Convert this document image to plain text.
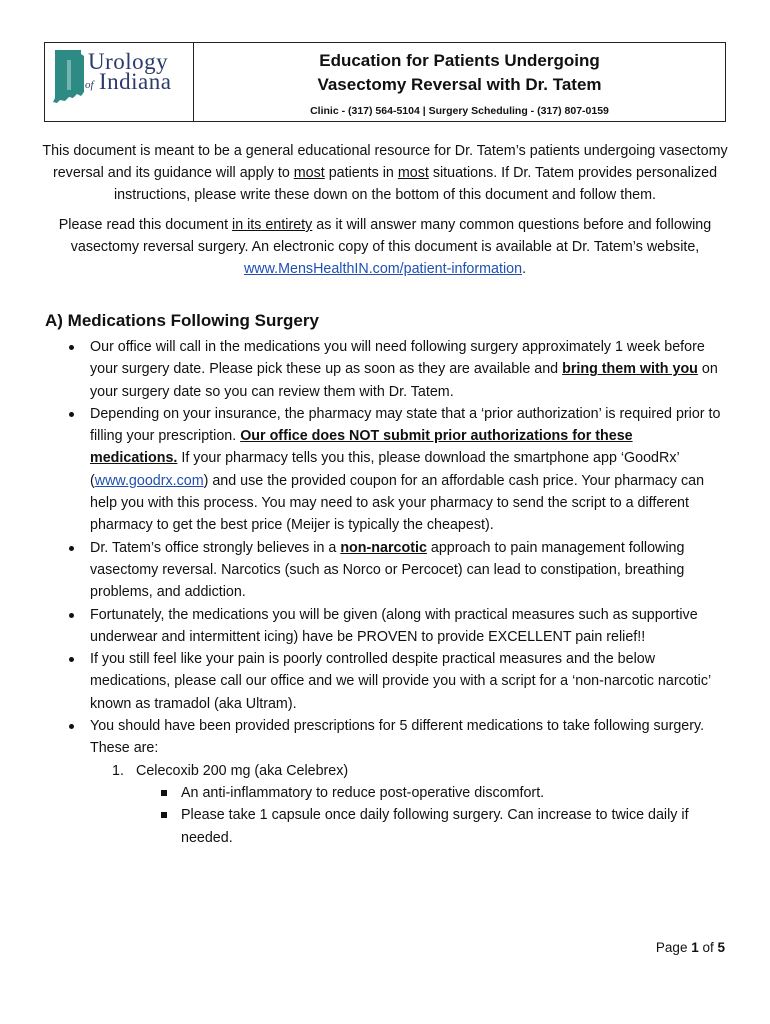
Urology
of Indiana
Education for Patients Undergoing
Vasectomy Reversal with Dr. Tatem
Clinic - (317) 564-5104 | Surgery Scheduling - (317) 807-0159

This document is meant to be a general educational resource for Dr. Tatem’s patients undergoing vasectomy reversal and its guidance will apply to most patients in most situations. If Dr. Tatem provides personalized instructions, please write these down on the bottom of this document and follow them.

Please read this document in its entirety as it will answer many common questions before and following vasectomy reversal surgery. An electronic copy of this document is available at Dr. Tatem’s website, www.MensHealthIN.com/patient-information.

A) Medications Following Surgery
Our office will call in the medications you will need following surgery approximately 1 week before your surgery date. Please pick these up as soon as they are available and bring them with you on your surgery date so you can review them with Dr. Tatem.
Depending on your insurance, the pharmacy may state that a ‘prior authorization’ is required prior to filling your prescription. Our office does NOT submit prior authorizations for these medications. If your pharmacy tells you this, please download the smartphone app ‘GoodRx’ (www.goodrx.com) and use the provided coupon for an affordable cash price. Your pharmacy can help you with this process. You may need to ask your pharmacy to send the script to a different pharmacy to get the best price (Meijer is typically the cheapest).
Dr. Tatem’s office strongly believes in a non-narcotic approach to pain management following vasectomy reversal. Narcotics (such as Norco or Percocet) can lead to constipation, breathing problems, and addiction.
Fortunately, the medications you will be given (along with practical measures such as supportive underwear and intermittent icing) have be PROVEN to provide EXCELLENT pain relief!!
If you still feel like your pain is poorly controlled despite practical measures and the below medications, please call our office and we will provide you with a script for a ‘non-narcotic narcotic’ known as tramadol (aka Ultram).
You should have been provided prescriptions for 5 different medications to take following surgery. These are:
1. Celecoxib 200 mg (aka Celebrex)
An anti-inflammatory to reduce post-operative discomfort.
Please take 1 capsule once daily following surgery. Can increase to twice daily if needed.
Page 1 of 5
